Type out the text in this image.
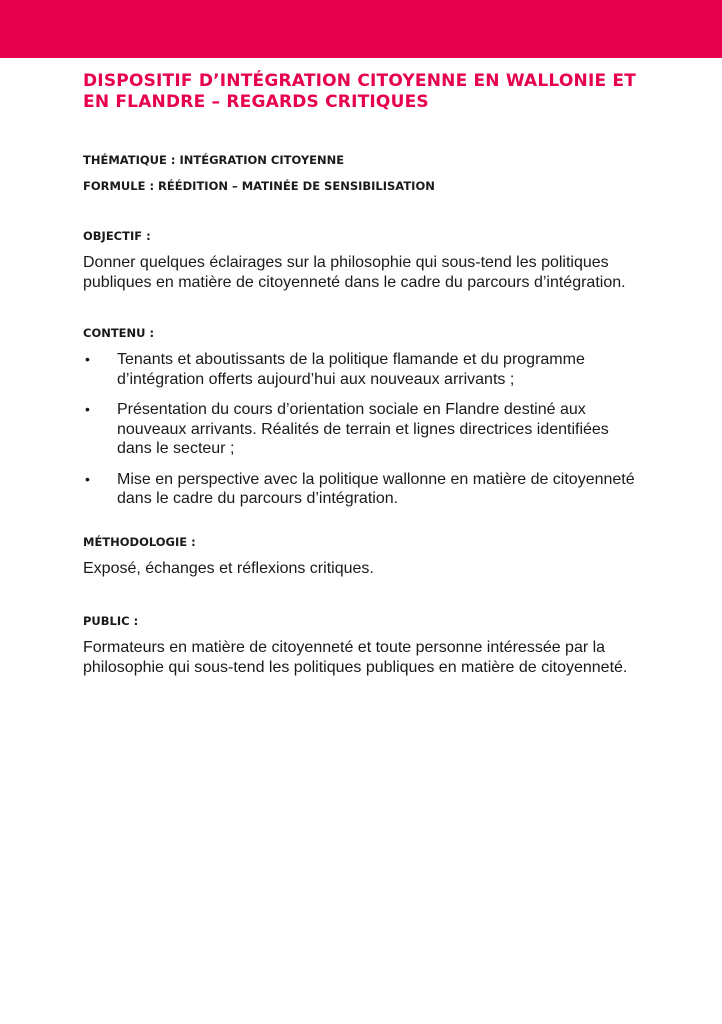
DISPOSITIF D’INTÉGRATION CITOYENNE EN WALLONIE ET EN FLANDRE – REGARDS CRITIQUES
THÉMATIQUE : INTÉGRATION CITOYENNE
FORMULE : RÉÉDITION – MATINÉE DE SENSIBILISATION
OBJECTIF :

Donner quelques éclairages sur la philosophie qui sous-tend les politiques publiques en matière de citoyenneté dans le cadre du parcours d’intégration.

CONTENU :
• Tenants et aboutissants de la politique flamande et du programme d’intégration offerts aujourd’hui aux nouveaux arrivants ;
• Présentation du cours d’orientation sociale en Flandre destiné aux nouveaux arrivants. Réalités de terrain et lignes directrices identifiées dans le secteur ;
• Mise en perspective avec la politique wallonne en matière de citoyenneté dans le cadre du parcours d’intégration.
MÉTHODOLOGIE :

Exposé, échanges et réflexions critiques.

PUBLIC :

Formateurs en matière de citoyenneté et toute personne intéressée par la philosophie qui sous-tend les politiques publiques en matière de citoyenneté.
